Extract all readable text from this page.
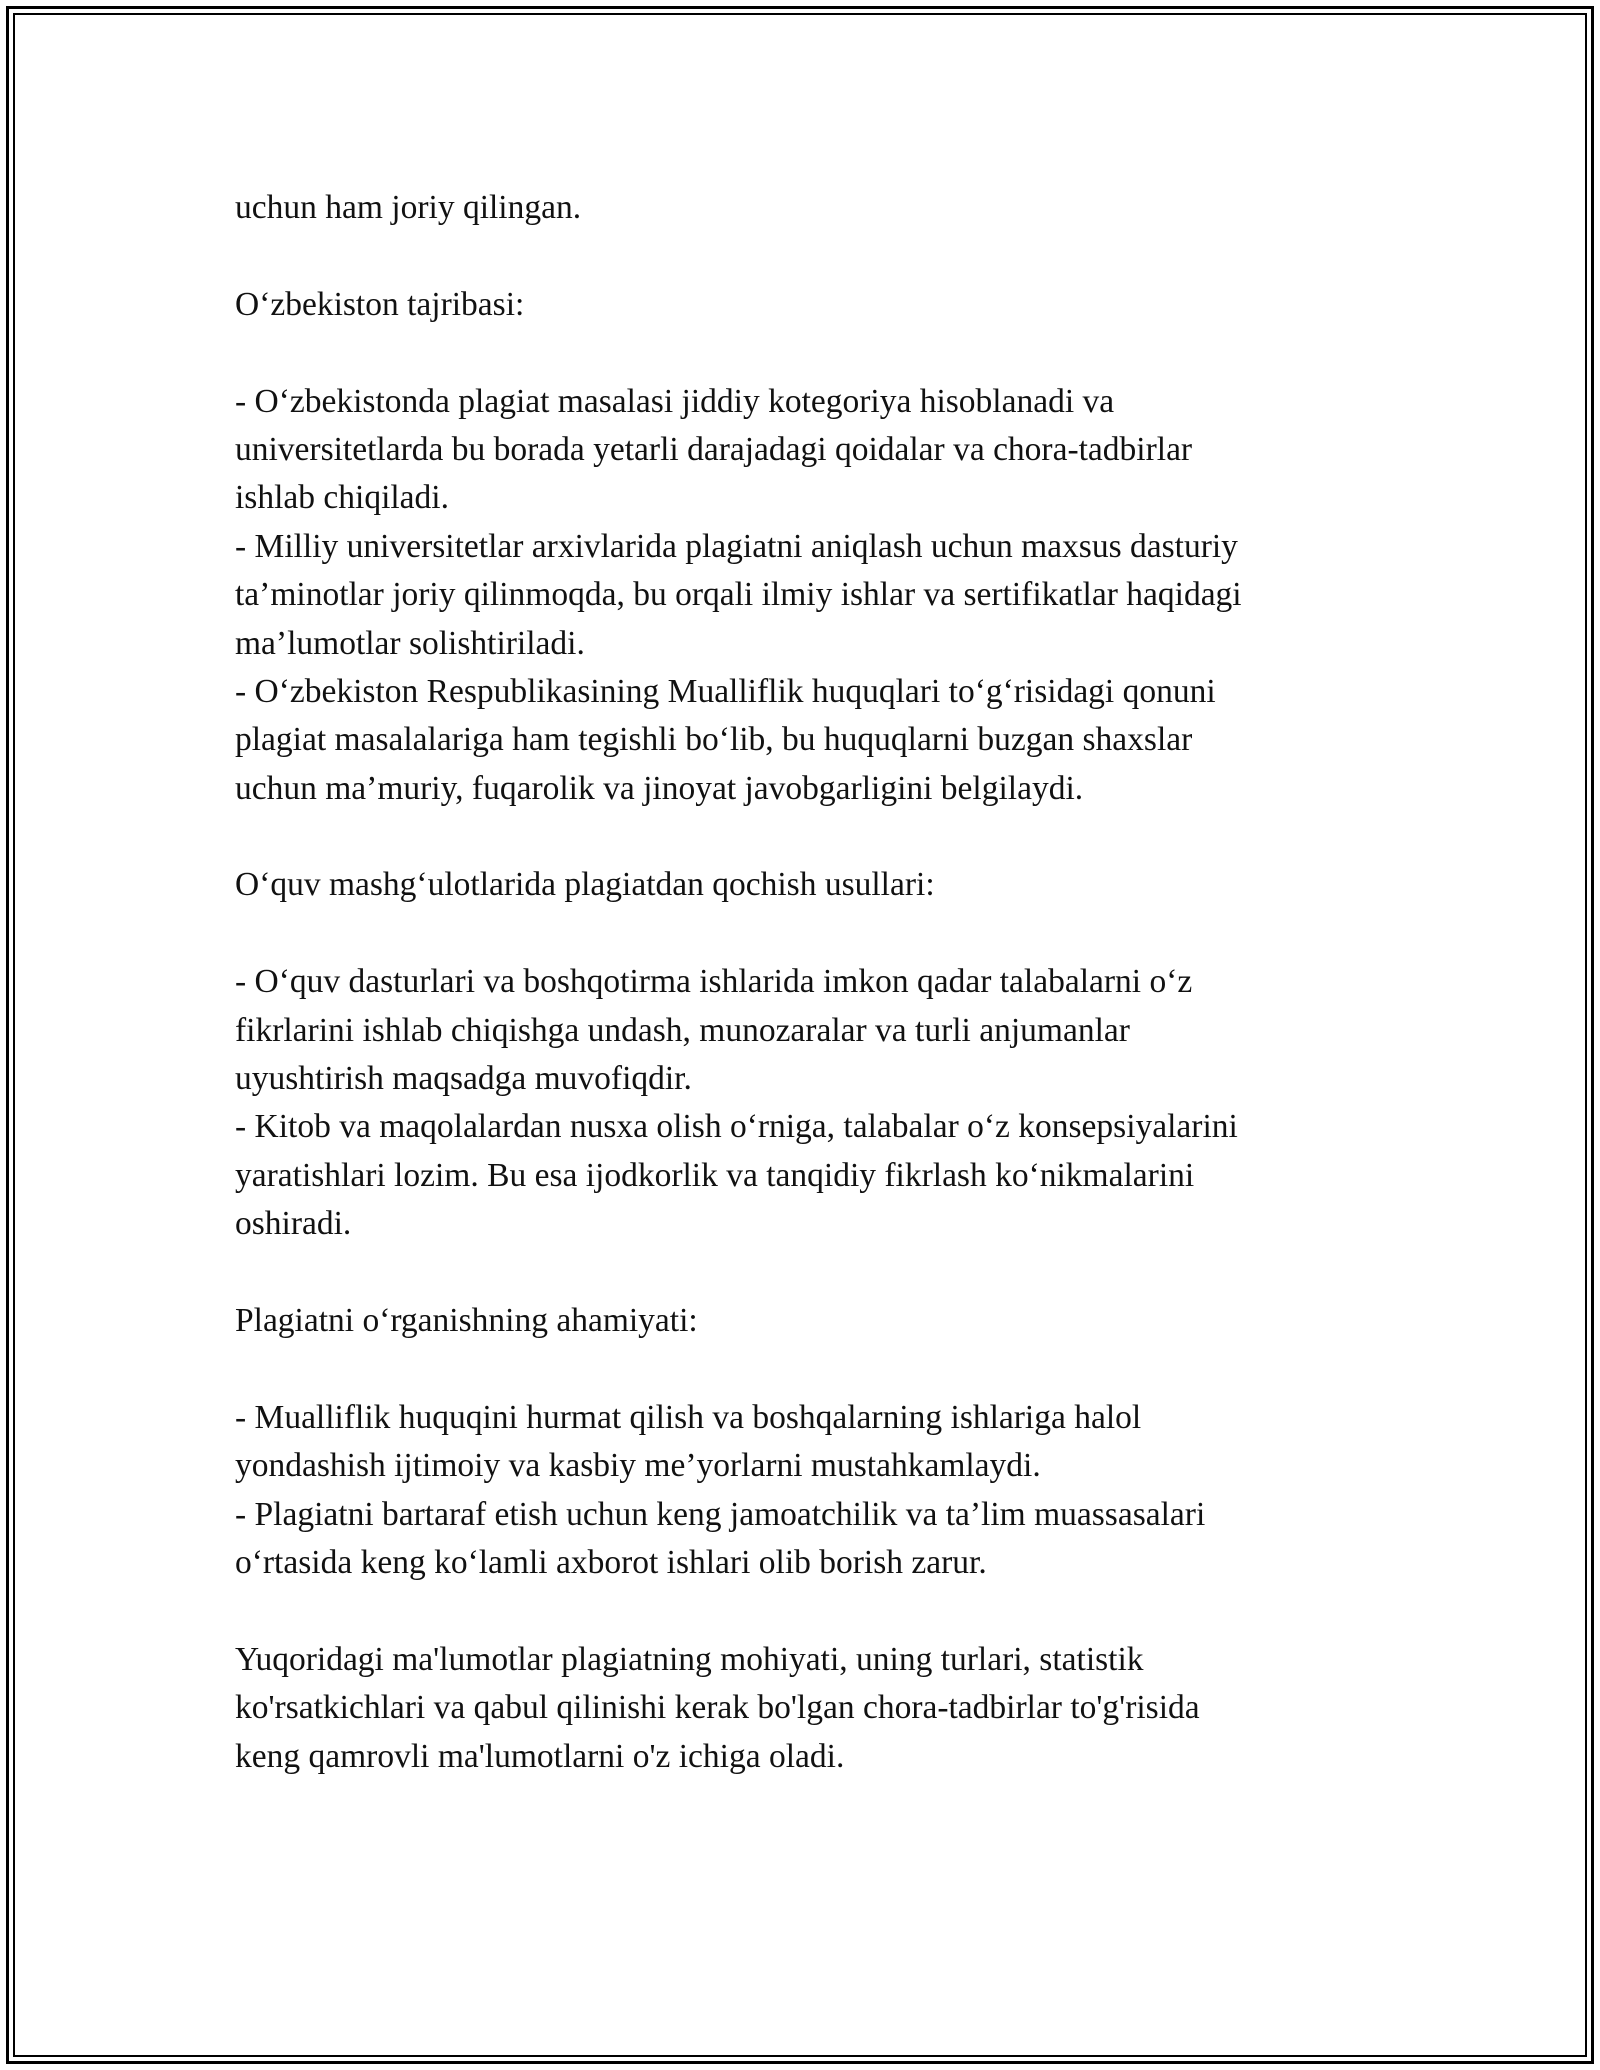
uchun ham joriy qilingan.
O‘zbekiston tajribasi:
- O‘zbekistonda plagiat masalasi jiddiy kotegoriya hisoblanadi va
universitetlarda bu borada yetarli darajadagi qoidalar va chora-tadbirlar
ishlab chiqiladi.
- Milliy universitetlar arxivlarida plagiatni aniqlash uchun maxsus dasturiy
ta’minotlar joriy qilinmoqda, bu orqali ilmiy ishlar va sertifikatlar haqidagi
ma’lumotlar solishtiriladi.
- O‘zbekiston Respublikasining Mualliflik huquqlari to‘g‘risidagi qonuni
plagiat masalalariga ham tegishli bo‘lib, bu huquqlarni buzgan shaxslar
uchun ma’muriy, fuqarolik va jinoyat javobgarligini belgilaydi.
O‘quv mashg‘ulotlarida plagiatdan qochish usullari:
- O‘quv dasturlari va boshqotirma ishlarida imkon qadar talabalarni o‘z
fikrlarini ishlab chiqishga undash, munozaralar va turli anjumanlar
uyushtirish maqsadga muvofiqdir.
- Kitob va maqolalardan nusxa olish o‘rniga, talabalar o‘z konsepsiyalarini
yaratishlari lozim. Bu esa ijodkorlik va tanqidiy fikrlash ko‘nikmalarini
oshiradi.
Plagiatni o‘rganishning ahamiyati:
- Mualliflik huquqini hurmat qilish va boshqalarning ishlariga halol
yondashish ijtimoiy va kasbiy me’yorlarni mustahkamlaydi.
- Plagiatni bartaraf etish uchun keng jamoatchilik va ta’lim muassasalari
o‘rtasida keng ko‘lamli axborot ishlari olib borish zarur.
Yuqoridagi ma'lumotlar plagiatning mohiyati, uning turlari, statistik
ko'rsatkichlari va qabul qilinishi kerak bo'lgan chora-tadbirlar to'g'risida
keng qamrovli ma'lumotlarni o'z ichiga oladi.
